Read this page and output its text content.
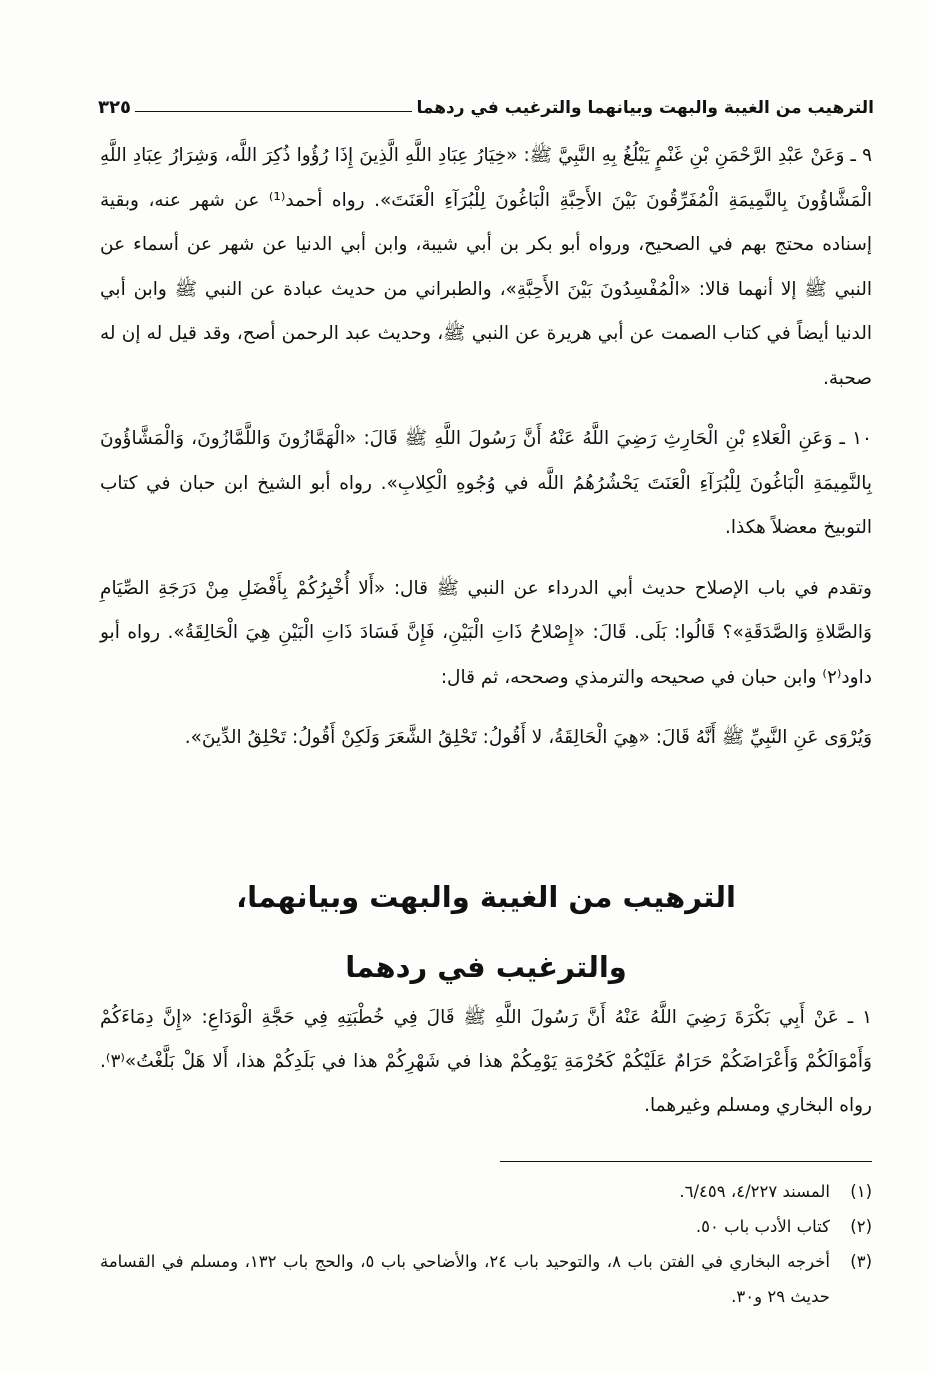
الترهيب من الغيبة والبهت وبيانهما والترغيب في ردهما
٣٢٥

٩ ـ وَعَنْ عَبْدِ الرَّحْمَنِ بْنِ غَنْمٍ يَبْلُغُ بِهِ النَّبِيَّ ﷺ: «خِيَارُ عِبَادِ اللَّهِ الَّذِينَ إِذَا رُؤُوا ذُكِرَ اللَّه، وَشِرَارُ عِبَادِ اللَّهِ الْمَشَّاؤُونَ بِالنَّمِيمَةِ الْمُفَرِّقُونَ بَيْنَ الأَحِبَّةِ الْبَاغُونَ لِلْبُرَآءِ الْعَنَتَ». رواه أحمد⁽¹⁾ عن شهر عنه، وبقية إسناده محتج بهم في الصحيح، ورواه أبو بكر بن أبي شيبة، وابن أبي الدنيا عن شهر عن أسماء عن النبي ﷺ إلا أنهما قالا: «الْمُفْسِدُونَ بَيْنَ الأَحِبَّةِ»، والطبراني من حديث عبادة عن النبي ﷺ وابن أبي الدنيا أيضاً في كتاب الصمت عن أبي هريرة عن النبي ﷺ، وحديث عبد الرحمن أصح، وقد قيل له إن له صحبة.

١٠ ـ وَعَنِ الْعَلاءِ بْنِ الْحَارِثِ رَضِيَ اللَّهُ عَنْهُ أَنَّ رَسُولَ اللَّهِ ﷺ قَالَ: «الْهَمَّازُونَ وَاللَّمَّازُونَ، وَالْمَشَّاؤُونَ بِالنَّمِيمَةِ الْبَاغُونَ لِلْبُرَآءِ الْعَنَتَ يَحْشُرُهُمُ اللَّه في وُجُوهِ الْكِلابِ». رواه أبو الشيخ ابن حبان في كتاب التوبيخ معضلاً هكذا.

وتقدم في باب الإصلاح حديث أبي الدرداء عن النبي ﷺ قال: «أَلا أُخْبِرُكُمْ بِأَفْضَلِ مِنْ دَرَجَةِ الصِّيَامِ وَالصَّلاةِ وَالصَّدَقَةِ»؟ قَالُوا: بَلَى. قَالَ: «إِصْلاحُ ذَاتِ الْبَيْنِ، فَإِنَّ فَسَادَ ذَاتِ الْبَيْنِ هِيَ الْحَالِقَةُ». رواه أبو داود⁽٢⁾ وابن حبان في صحيحه والترمذي وصححه، ثم قال:

وَيُرْوَى عَنِ النَّبِيِّ ﷺ أَنَّهُ قَالَ: «هِيَ الْحَالِقَةُ، لا أَقُولُ: تَحْلِقُ الشَّعَرَ وَلَكِنْ أَقُولُ: تَحْلِقُ الدِّينَ».

الترهيب من الغيبة والبهت وبيانهما،
والترغيب في ردهما

١ ـ عَنْ أَبِي بَكْرَةَ رَضِيَ اللَّهُ عَنْهُ أَنَّ رَسُولَ اللَّهِ ﷺ قَالَ فِي خُطْبَتِهِ فِي حَجَّةِ الْوَدَاعِ: «إِنَّ دِمَاءَكُمْ وَأَمْوَالَكُمْ وَأَعْرَاضَكُمْ حَرَامٌ عَلَيْكُمْ كَحُرْمَةِ يَوْمِكُمْ هذا في شَهْرِكُمْ هذا في بَلَدِكُمْ هذا، أَلا هَلْ بَلَّغْتُ»⁽٣⁾. رواه البخاري ومسلم وغيرهما.

(١)
المسند ٤/٢٢٧، ٦/٤٥٩.
(٢)
كتاب الأدب باب ٥٠.
(٣)
أخرجه البخاري في الفتن باب ٨، والتوحيد باب ٢٤، والأضاحي باب ٥، والحج باب ١٣٢، ومسلم في القسامة حديث ٢٩ و٣٠.
